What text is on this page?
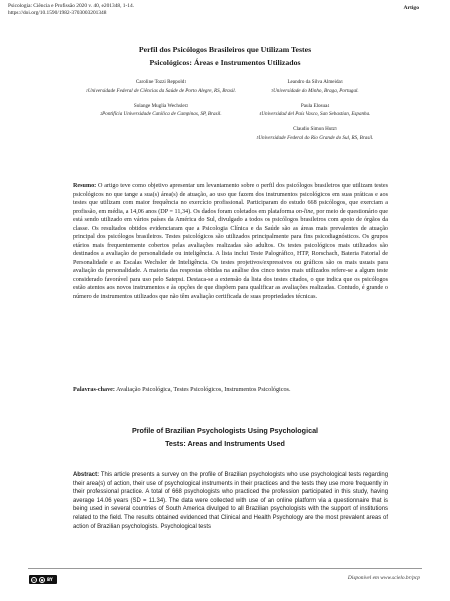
Psicologia: Ciência e Profissão 2020 v. 40, e201348, 1-14.
https://doi.org/10.1590/1982-3703003201348
Artigo
Perfil dos Psicólogos Brasileiros que Utilizam Testes
Psicológicos: Áreas e Instrumentos Utilizados
Caroline Tozzi Reppold$^1$
$^1$Universidade Federal de Ciências da Saúde de Porto Alegre, RS, Brasil.
Solange Muglia Wechsler$^2$
$^2$Pontifícia Universidade Católica de Campinas, SP, Brasil.
Leandro da Silva Almeida$^3$
$^3$Universidade do Minho, Braga, Portugal.
Paula Elosua$^4$
$^4$Universidad del País Vasco, San Sebastian, Espanha.
Claudio Simon Hutz$^5$
$^5$Universidade Federal do Rio Grande do Sul, RS, Brasil.
Resumo: O artigo teve como objetivo apresentar um levantamento sobre o perfil dos psicólogos brasileiros que utilizam testes psicológicos no que tange a sua(s) área(s) de atuação, ao uso que fazem dos instrumentos psicológicos em suas práticas e aos testes que utilizam com maior frequência no exercício profissional. Participaram do estudo 668 psicólogos, que exerciam a profissão, em média, a 14,06 anos (DP = 11,34). Os dados foram coletados em plataforma on-line, por meio de questionário que está sendo utilizado em vários países da América do Sul, divulgado a todos os psicólogos brasileiros com apoio de órgãos da classe. Os resultados obtidos evidenciaram que a Psicologia Clínica e da Saúde são as áreas mais prevalentes de atuação principal dos psicólogos brasileiros. Testes psicológicos são utilizados principalmente para fins psicodiagnósticos. Os grupos etários mais frequentemente cobertos pelas avaliações realizadas são adultos. Os testes psicológicos mais utilizados são destinados a avaliação de personalidade ou inteligência. A lista inclui Teste Palográfico, HTP, Rorschach, Bateria Fatorial de Personalidade e as Escalas Wechsler de Inteligência. Os testes projetivos/expressivos ou gráficos são os mais usuais para avaliação da personalidade. A maioria das respostas obtidas na análise dos cinco testes mais utilizados refere-se a algum teste considerado favorável para uso pelo Satepsi. Destaca-se a extensão da lista dos testes citados, o que indica que os psicólogos estão atentos aos novos instrumentos e às opções de que dispõem para qualificar as avaliações realizadas. Contudo, é grande o número de instrumentos utilizados que não têm avaliação certificada de suas propriedades técnicas.
Palavras-chave: Avaliação Psicológica, Testes Psicológicos, Instrumentos Psicológicos.
Profile of Brazilian Psychologists Using Psychological
Tests: Areas and Instruments Used
Abstract: This article presents a survey on the profile of Brazilian psychologists who use psychological tests regarding their area(s) of action, their use of psychological instruments in their practices and the tests they use more frequently in their professional practice. A total of 668 psychologists who practiced the profession participated in this study, having average 14.06 years (SD = 11.34). The data were collected with use of an online platform via a questionnaire that is being used in several countries of South America divulged to all Brazilian psychologists with the support of institutions related to the field. The results obtained evidenced that Clinical and Health Psychology are the most prevalent areas of action of Brazilian psychologists. Psychological tests
cc	● BY	Disponível em www.scielo.br/pcp
